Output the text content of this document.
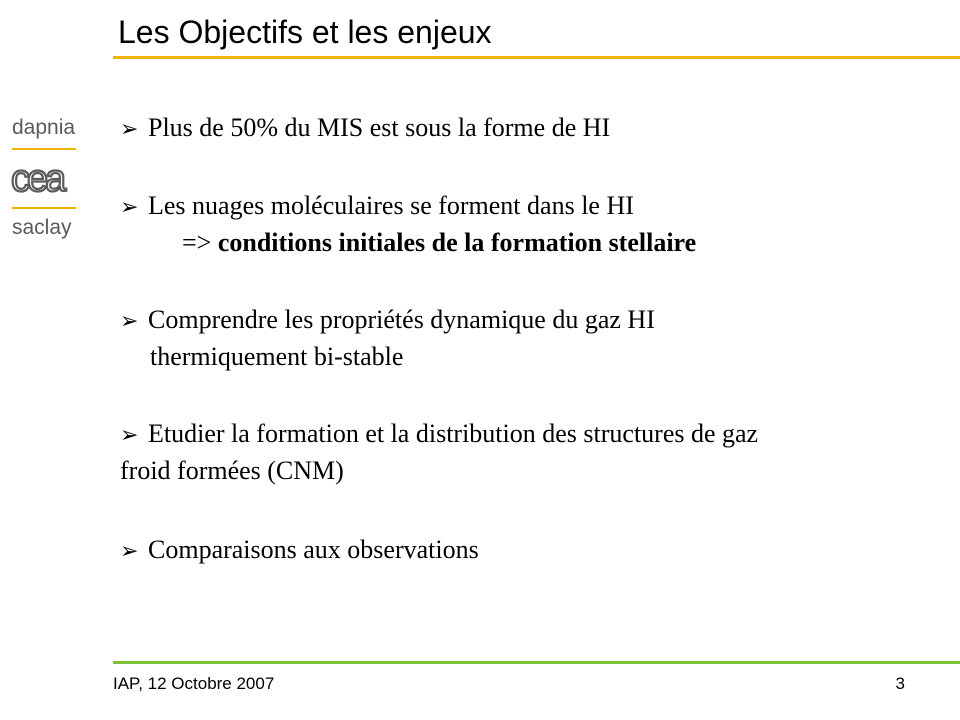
Les Objectifs et les enjeux
dapnia
cea
saclay
➢ Plus de 50% du MIS est sous la forme de HI
➢ Les nuages moléculaires se forment dans le HI
=> conditions initiales de la formation stellaire
➢ Comprendre les propriétés dynamique du gaz HI
thermiquement bi-stable
➢ Etudier la formation et la distribution des structures de gaz
froid formées (CNM)
➢ Comparaisons aux observations
IAP, 12 Octobre 2007	3
